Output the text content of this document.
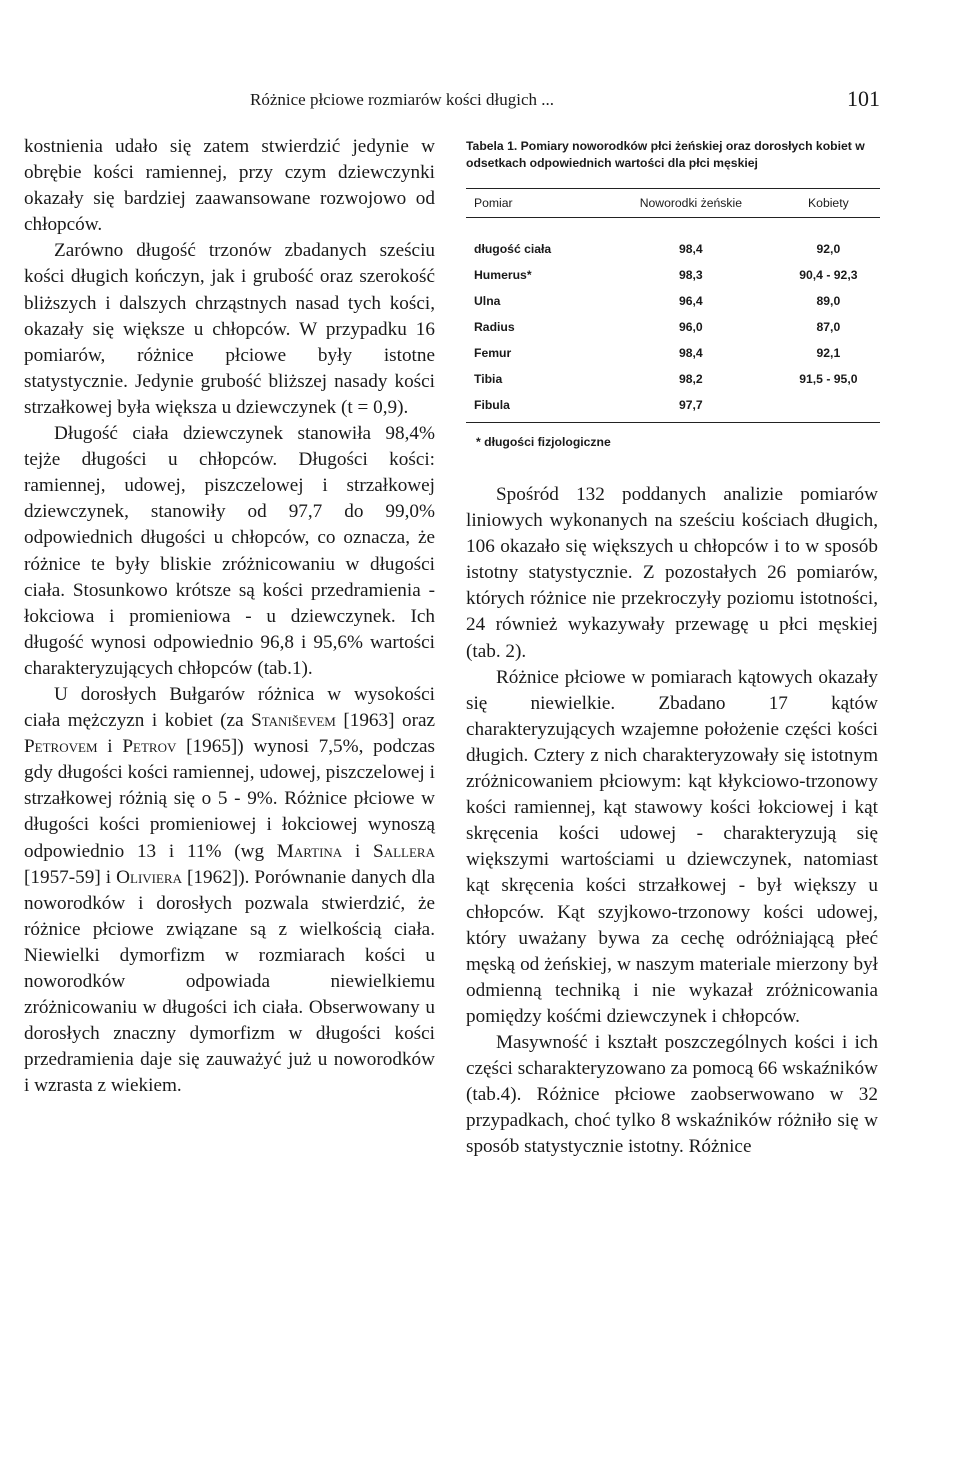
Różnice płciowe rozmiarów kości długich ...	101

kostnienia udało się zatem stwierdzić jedynie w obrębie kości ramiennej, przy czym dziewczynki okazały się bardziej zaawansowane rozwojowo od chłopców.

Zarówno długość trzonów zbadanych sześciu kości długich kończyn, jak i grubość oraz szerokość bliższych i dalszych chrząstnych nasad tych kości, okazały się większe u chłopców. W przypadku 16 pomiarów, różnice płciowe były istotne statystycznie. Jedynie grubość bliższej nasady kości strzałkowej była większa u dziewczynek (t = 0,9).

Długość ciała dziewczynek stanowiła 98,4% tejże długości u chłopców. Długości kości: ramiennej, udowej, piszczelowej i strzałkowej dziewczynek, stanowiły od 97,7 do 99,0% odpowiednich długości u chłopców, co oznacza, że różnice te były bliskie zróżnicowaniu w długości ciała. Stosunkowo krótsze są kości przedramienia - łokciowa i promieniowa - u dziewczynek. Ich długość wynosi odpowiednio 96,8 i 95,6% wartości charakteryzujących chłopców (tab.1).

U dorosłych Bułgarów różnica w wysokości ciała mężczyzn i kobiet (za Staniševem [1963] oraz Petrovem i Petrov [1965]) wynosi 7,5%, podczas gdy długości kości ramiennej, udowej, piszczelowej i strzałkowej różnią się o 5 - 9%. Różnice płciowe w długości kości promieniowej i łokciowej wynoszą odpowiednio 13 i 11% (wg Martina i Sallera [1957-59] i Oliviera [1962]). Porównanie danych dla noworodków i dorosłych pozwala stwierdzić, że różnice płciowe związane są z wielkością ciała. Niewielki dymorfizm w rozmiarach kości u noworodków odpowiada niewielkiemu zróżnicowaniu w długości ich ciała. Obserwowany u dorosłych znaczny dymorfizm w długości kości przedramienia daje się zauważyć już u noworodków i wzrasta z wiekiem.

Tabela 1. Pomiary noworodków płci żeńskiej oraz dorosłych kobiet w odsetkach odpowiednich wartości dla płci męskiej
Pomiar	Noworodki żeńskie	Kobiety
długość ciała	98,4	92,0
Humerus*	98,3	90,4 - 92,3
Ulna	96,4	89,0
Radius	96,0	87,0
Femur	98,4	92,1
Tibia	98,2	91,5 - 95,0
Fibula	97,7	
* długości fizjologiczne

Spośród 132 poddanych analizie pomiarów liniowych wykonanych na sześciu kościach długich, 106 okazało się większych u chłopców i to w sposób istotny statystycznie. Z pozostałych 26 pomiarów, których różnice nie przekroczyły poziomu istotności, 24 również wykazywały przewagę u płci męskiej (tab. 2).

Różnice płciowe w pomiarach kątowych okazały się niewielkie. Zbadano 17 kątów charakteryzujących wzajemne położenie części kości długich. Cztery z nich charakteryzowały się istotnym zróżnicowaniem płciowym: kąt kłykciowo-trzonowy kości ramiennej, kąt stawowy kości łokciowej i kąt skręcenia kości udowej - charakteryzują się większymi wartościami u dziewczynek, natomiast kąt skręcenia kości strzałkowej - był większy u chłopców. Kąt szyjkowo-trzonowy kości udowej, który uważany bywa za cechę odróżniającą płeć męską od żeńskiej, w naszym materiale mierzony był odmienną techniką i nie wykazał zróżnicowania pomiędzy kośćmi dziewczynek i chłopców.

Masywność i kształt poszczególnych kości i ich części scharakteryzowano za pomocą 66 wskaźników (tab.4). Różnice płciowe zaobserwowano w 32 przypadkach, choć tylko 8 wskaźników różniło się w sposób statystycznie istotny. Różnice
